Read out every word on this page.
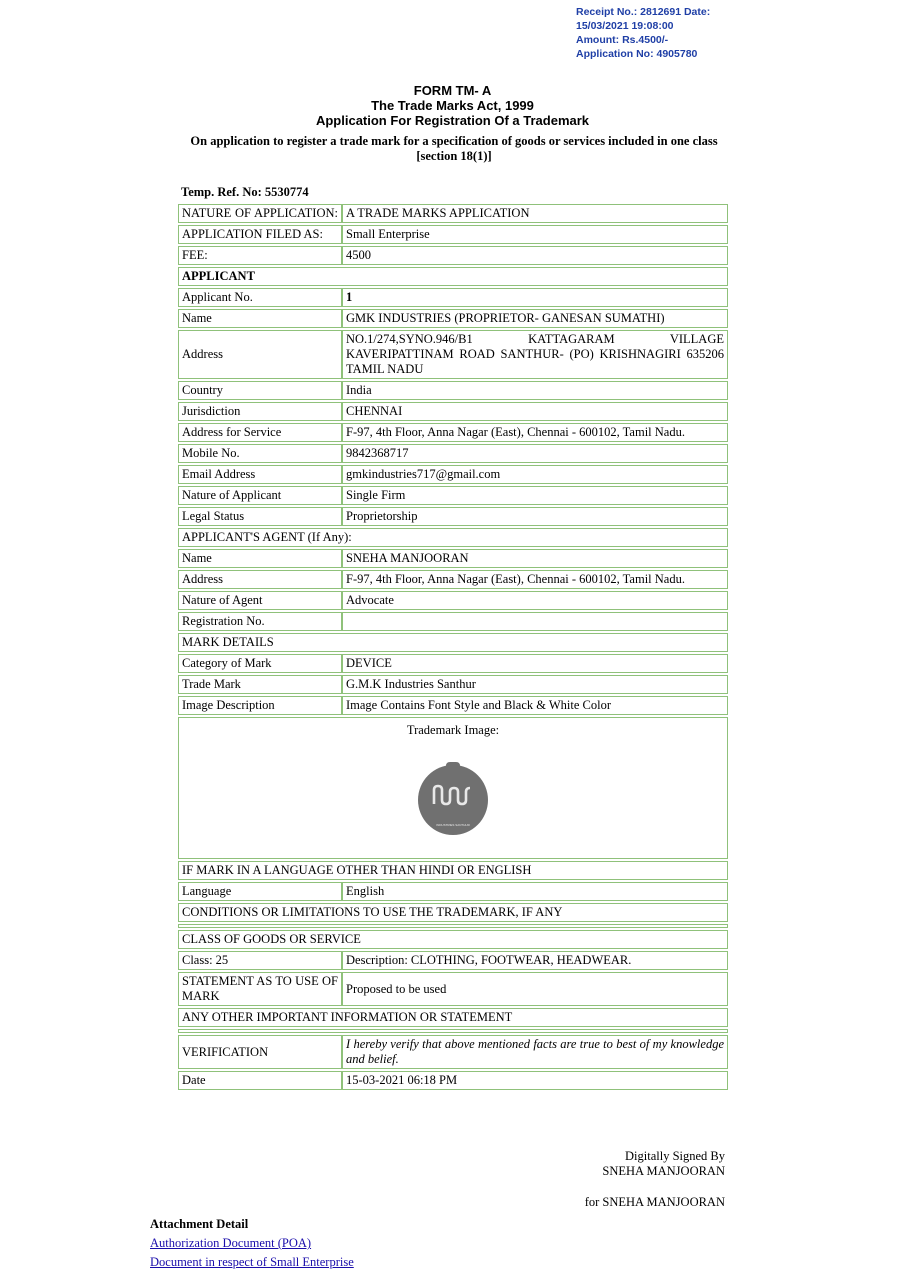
Receipt No.: 2812691 Date:
15/03/2021 19:08:00
Amount: Rs.4500/-
Application No: 4905780
FORM TM- A
The Trade Marks Act, 1999
Application For Registration Of a Trademark
On application to register a trade mark for a specification of goods or services included in one class [section 18(1)]
Temp. Ref. No: 5530774
NATURE OF APPLICATION:	A TRADE MARKS APPLICATION
APPLICATION FILED AS:	Small Enterprise
FEE:	4500
APPLICANT	
Applicant No.	1
Name	GMK INDUSTRIES (PROPRIETOR- GANESAN SUMATHI)
Address	NO.1/274,SYNO.946/B1 KATTAGARAM VILLAGE KAVERIPATTINAM ROAD SANTHUR- (PO) KRISHNAGIRI 635206 TAMIL NADU
Country	India
Jurisdiction	CHENNAI
Address for Service	F-97, 4th Floor, Anna Nagar (East), Chennai - 600102, Tamil Nadu.
Mobile No.	9842368717
Email Address	gmkindustries717@gmail.com
Nature of Applicant	Single Firm
Legal Status	Proprietorship
APPLICANT'S AGENT (If Any):	
Name	SNEHA MANJOORAN
Address	F-97, 4th Floor, Anna Nagar (East), Chennai - 600102, Tamil Nadu.
Nature of Agent	Advocate
Registration No.	
MARK DETAILS	
Category of Mark	DEVICE
Trade Mark	G.M.K Industries Santhur
Image Description	Image Contains Font Style and Black & White Color

Trademark Image:
INDUSTRIES SANTHUR	

IF MARK IN A LANGUAGE OTHER THAN HINDI OR ENGLISH	
Language	English
CONDITIONS OR LIMITATIONS TO USE THE TRADEMARK, IF ANY	

CLASS OF GOODS OR SERVICE	
Class: 25	Description: CLOTHING, FOOTWEAR, HEADWEAR.
STATEMENT AS TO USE OF MARK	Proposed to be used
ANY OTHER IMPORTANT INFORMATION OR STATEMENT	

VERIFICATION	I hereby verify that above mentioned facts are true to best of my knowledge and belief.
Date	15-03-2021 06:18 PM
Digitally Signed By
SNEHA MANJOORAN
for SNEHA MANJOORAN
Attachment Detail
Authorization Document (POA)
Document in respect of Small Enterprise
